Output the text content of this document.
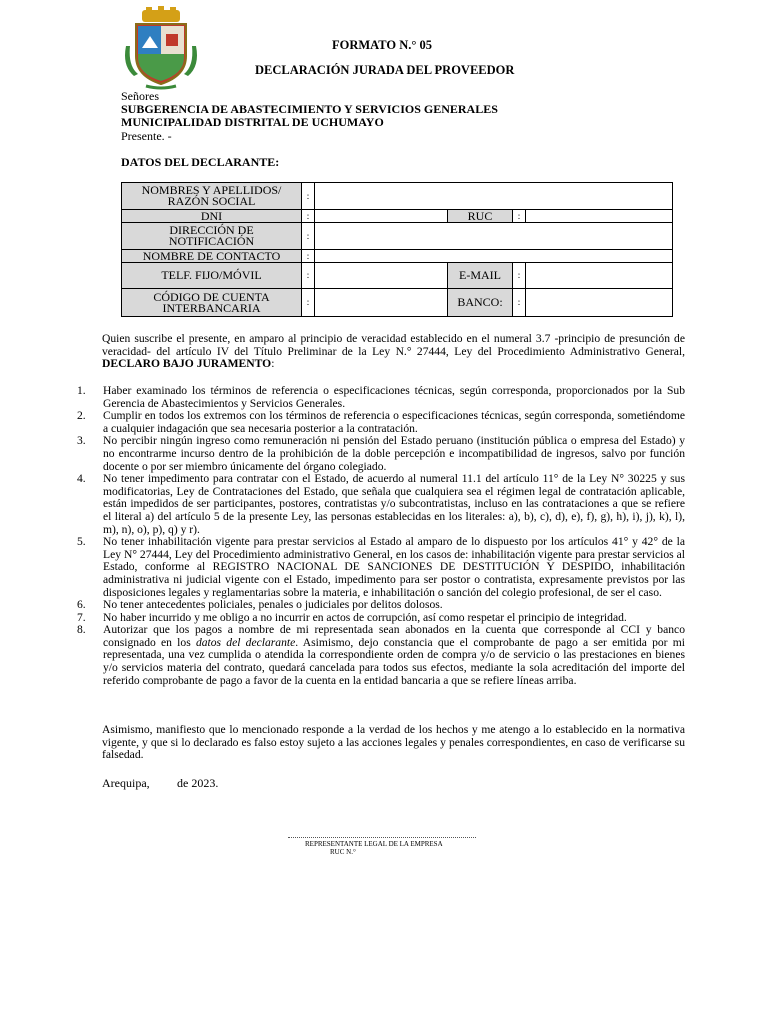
FORMATO N.° 05
DECLARACIÓN JURADA DEL PROVEEDOR
Señores
SUBGERENCIA DE ABASTECIMIENTO Y SERVICIOS GENERALES
MUNICIPALIDAD DISTRITAL DE UCHUMAYO
Presente. -
DATOS DEL DECLARANTE:
NOMBRES Y APELLIDOS/
RAZÓN SOCIAL	:				
DNI	:		RUC	:	
DIRECCIÓN DE
NOTIFICACIÓN	:				
NOMBRE DE CONTACTO	:				
TELF. FIJO/MÓVIL	:		E-MAIL	:	
CÓDIGO DE CUENTA
INTERBANCARIA	:		BANCO:	:	
Quien suscribe el presente, en amparo al principio de veracidad establecido en el numeral 3.7 -principio de presunción de veracidad- del artículo IV del Título Preliminar de la Ley N.° 27444, Ley del Procedimiento Administrativo General, DECLARO BAJO JURAMENTO:
1. Haber examinado los términos de referencia o especificaciones técnicas, según corresponda, proporcionados por la Sub Gerencia de Abastecimientos y Servicios Generales.
2. Cumplir en todos los extremos con los términos de referencia o especificaciones técnicas, según corresponda, sometiéndome a cualquier indagación que sea necesaria posterior a la contratación.
3. No percibir ningún ingreso como remuneración ni pensión del Estado peruano (institución pública o empresa del Estado) y no encontrarme incurso dentro de la prohibición de la doble percepción e incompatibilidad de ingresos, salvo por función docente o por ser miembro únicamente del órgano colegiado.
4. No tener impedimento para contratar con el Estado, de acuerdo al numeral 11.1 del artículo 11° de la Ley N° 30225 y sus modificatorias, Ley de Contrataciones del Estado, que señala que cualquiera sea el régimen legal de contratación aplicable, están impedidos de ser participantes, postores, contratistas y/o subcontratistas, incluso en las contrataciones a que se refiere el literal a) del artículo 5 de la presente Ley, las personas establecidas en los literales: a), b), c), d), e), f), g), h), i), j), k), l), m), n), o), p), q) y r).
5. No tener inhabilitación vigente para prestar servicios al Estado al amparo de lo dispuesto por los artículos 41° y 42° de la Ley N° 27444, Ley del Procedimiento administrativo General, en los casos de: inhabilitación vigente para prestar servicios al Estado, conforme al REGISTRO NACIONAL DE SANCIONES DE DESTITUCIÓN Y DESPIDO, inhabilitación administrativa ni judicial vigente con el Estado, impedimento para ser postor o contratista, expresamente previstos por las disposiciones legales y reglamentarias sobre la materia, e inhabilitación o sanción del colegio profesional, de ser el caso.
6. No tener antecedentes policiales, penales o judiciales por delitos dolosos.
7. No haber incurrido y me obligo a no incurrir en actos de corrupción, así como respetar el principio de integridad.
8. Autorizar que los pagos a nombre de mi representada sean abonados en la cuenta que corresponde al CCI y banco consignado en los datos del declarante. Asimismo, dejo constancia que el comprobante de pago a ser emitida por mi representada, una vez cumplida o atendida la correspondiente orden de compra y/o de servicio o las prestaciones en bienes y/o servicios materia del contrato, quedará cancelada para todos sus efectos, mediante la sola acreditación del importe del referido comprobante de pago a favor de la cuenta en la entidad bancaria a que se refiere líneas arriba.
Asimismo, manifiesto que lo mencionado responde a la verdad de los hechos y me atengo a lo establecido en la normativa vigente, y que si lo declarado es falso estoy sujeto a las acciones legales y penales correspondientes, en caso de verificarse su falsedad.
Arequipa, de 2023.
REPRESENTANTE LEGAL DE LA EMPRESA
RUC N.°
